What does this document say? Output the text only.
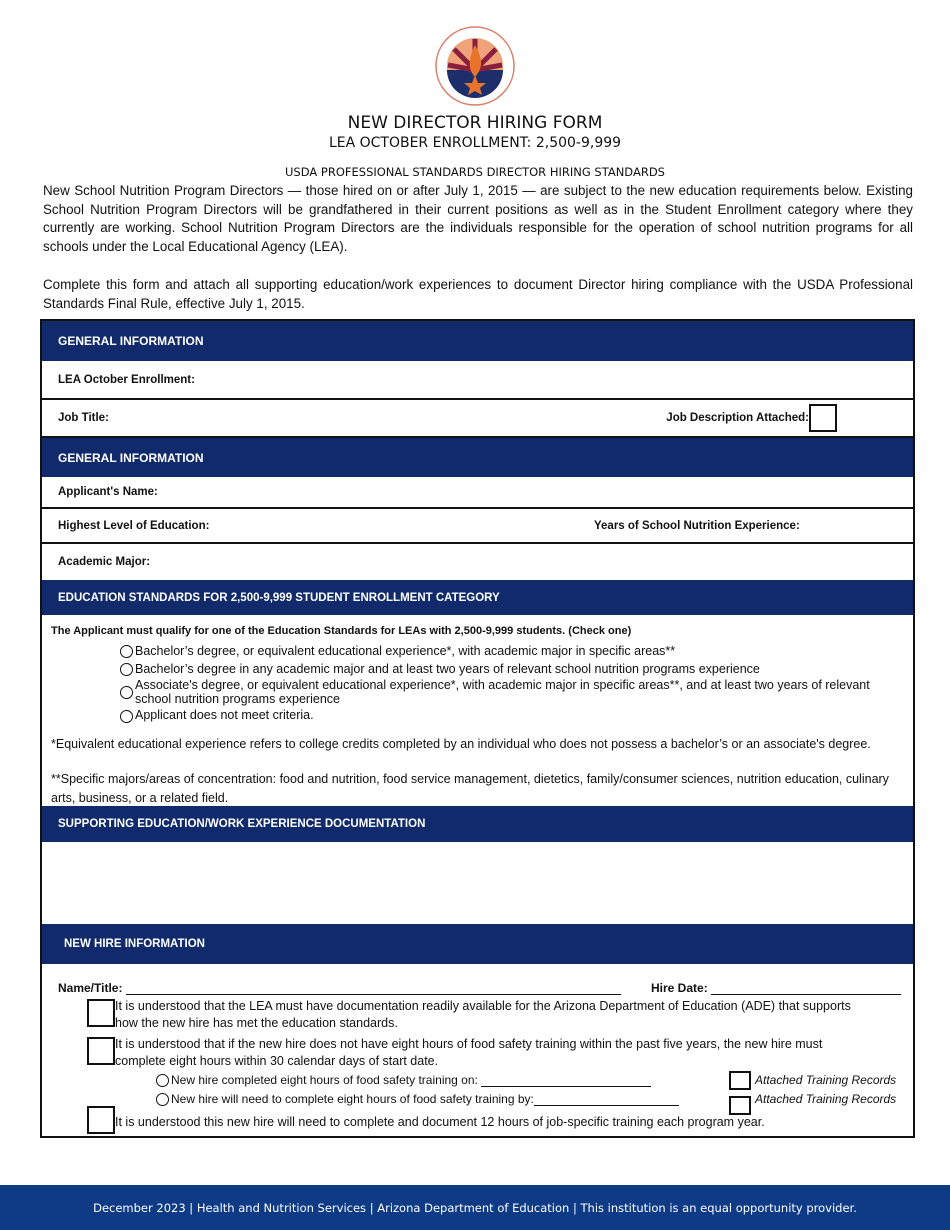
NEW DIRECTOR HIRING FORM
LEA OCTOBER ENROLLMENT: 2,500-9,999
USDA PROFESSIONAL STANDARDS DIRECTOR HIRING STANDARDS
New School Nutrition Program Directors — those hired on or after July 1, 2015 — are subject to the new education requirements below. Existing School Nutrition Program Directors will be grandfathered in their current positions as well as in the Student Enrollment category where they currently are working. School Nutrition Program Directors are the individuals responsible for the operation of school nutrition programs for all schools under the Local Educational Agency (LEA).
Complete this form and attach all supporting education/work experiences to document Director hiring compliance with the USDA Professional Standards Final Rule, effective July 1, 2015.
GENERAL INFORMATION
LEA October Enrollment:
Job Title:	Job Description Attached:
GENERAL INFORMATION
Applicant's Name:
Highest Level of Education:	Years of School Nutrition Experience:
Academic Major:
EDUCATION STANDARDS FOR 2,500-9,999 STUDENT ENROLLMENT CATEGORY
The Applicant must qualify for one of the Education Standards for LEAs with 2,500-9,999 students. (Check one)
Bachelor’s degree, or equivalent educational experience*, with academic major in specific areas**
Bachelor’s degree in any academic major and at least two years of relevant school nutrition programs experience
Associate's degree, or equivalent educational experience*, with academic major in specific areas**, and at least two years of relevant school nutrition programs experience
Applicant does not meet criteria.
*Equivalent educational experience refers to college credits completed by an individual who does not possess a bachelor’s or an associate's degree.
**Specific majors/areas of concentration: food and nutrition, food service management, dietetics, family/consumer sciences, nutrition education, culinary arts, business, or a related field.
SUPPORTING EDUCATION/WORK EXPERIENCE DOCUMENTATION
NEW HIRE INFORMATION
Name/Title:	Hire Date:
It is understood that the LEA must have documentation readily available for the Arizona Department of Education (ADE) that supports how the new hire has met the education standards.
It is understood that if the new hire does not have eight hours of food safety training within the past five years, the new hire must complete eight hours within 30 calendar days of start date.
New hire completed eight hours of food safety training on:
New hire will need to complete eight hours of food safety training by:
Attached Training Records
Attached Training Records
It is understood this new hire will need to complete and document 12 hours of job-specific training each program year.
December 2023 | Health and Nutrition Services | Arizona Department of Education | This institution is an equal opportunity provider.
